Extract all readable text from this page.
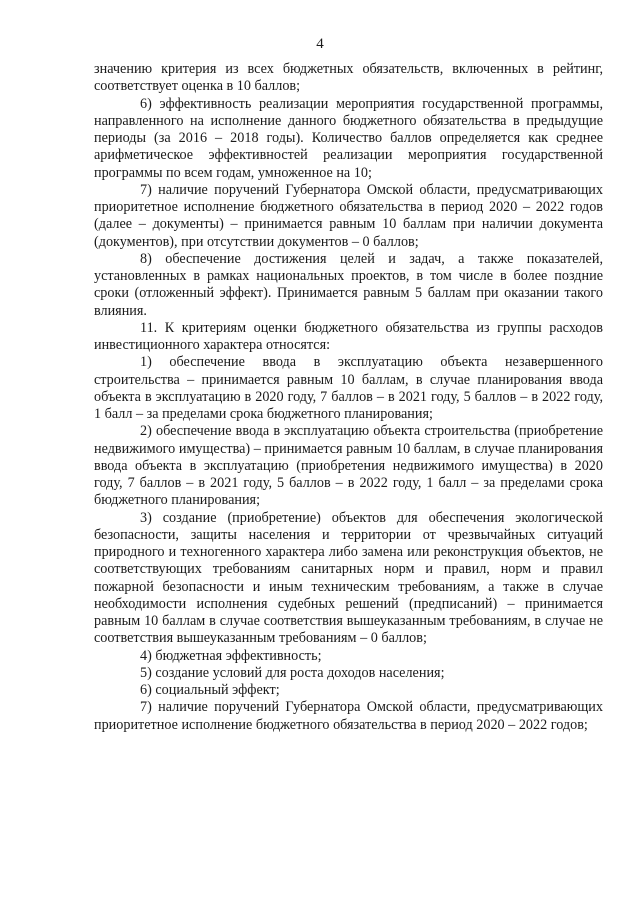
4

значению критерия из всех бюджетных обязательств, включенных в рейтинг, соответствует оценка в 10 баллов;

6) эффективность реализации мероприятия государственной программы, направленного на исполнение данного бюджетного обязательства в предыдущие периоды (за 2016 – 2018 годы). Количество баллов определяется как среднее арифметическое эффективностей реализации мероприятия государственной программы по всем годам, умноженное на 10;

7) наличие поручений Губернатора Омской области, предусматривающих приоритетное исполнение бюджетного обязательства в период 2020 – 2022 годов (далее – документы) – принимается равным 10 баллам при наличии документа (документов), при отсутствии документов – 0 баллов;

8) обеспечение достижения целей и задач, а также показателей, установленных в рамках национальных проектов, в том числе в более поздние сроки (отложенный эффект). Принимается равным 5 баллам при оказании такого влияния.

11. К критериям оценки бюджетного обязательства из группы расходов инвестиционного характера относятся:

1) обеспечение ввода в эксплуатацию объекта незавершенного строительства – принимается равным 10 баллам, в случае планирования ввода объекта в эксплуатацию в 2020 году, 7 баллов – в 2021 году, 5 баллов – в 2022 году, 1 балл – за пределами срока бюджетного планирования;

2) обеспечение ввода в эксплуатацию объекта строительства (приобретение недвижимого имущества) – принимается равным 10 баллам, в случае планирования ввода объекта в эксплуатацию (приобретения недвижимого имущества) в 2020 году, 7 баллов – в 2021 году, 5 баллов – в 2022 году, 1 балл – за пределами срока бюджетного планирования;

3) создание (приобретение) объектов для обеспечения экологической безопасности, защиты населения и территории от чрезвычайных ситуаций природного и техногенного характера либо замена или реконструкция объектов, не соответствующих требованиям санитарных норм и правил, норм и правил пожарной безопасности и иным техническим требованиям, а также в случае необходимости исполнения судебных решений (предписаний) – принимается равным 10 баллам в случае соответствия вышеуказанным требованиям, в случае не соответствия вышеуказанным требованиям – 0 баллов;

4) бюджетная эффективность;

5) создание условий для роста доходов населения;

6) социальный эффект;

7) наличие поручений Губернатора Омской области, предусматривающих приоритетное исполнение бюджетного обязательства в период 2020 – 2022 годов;
